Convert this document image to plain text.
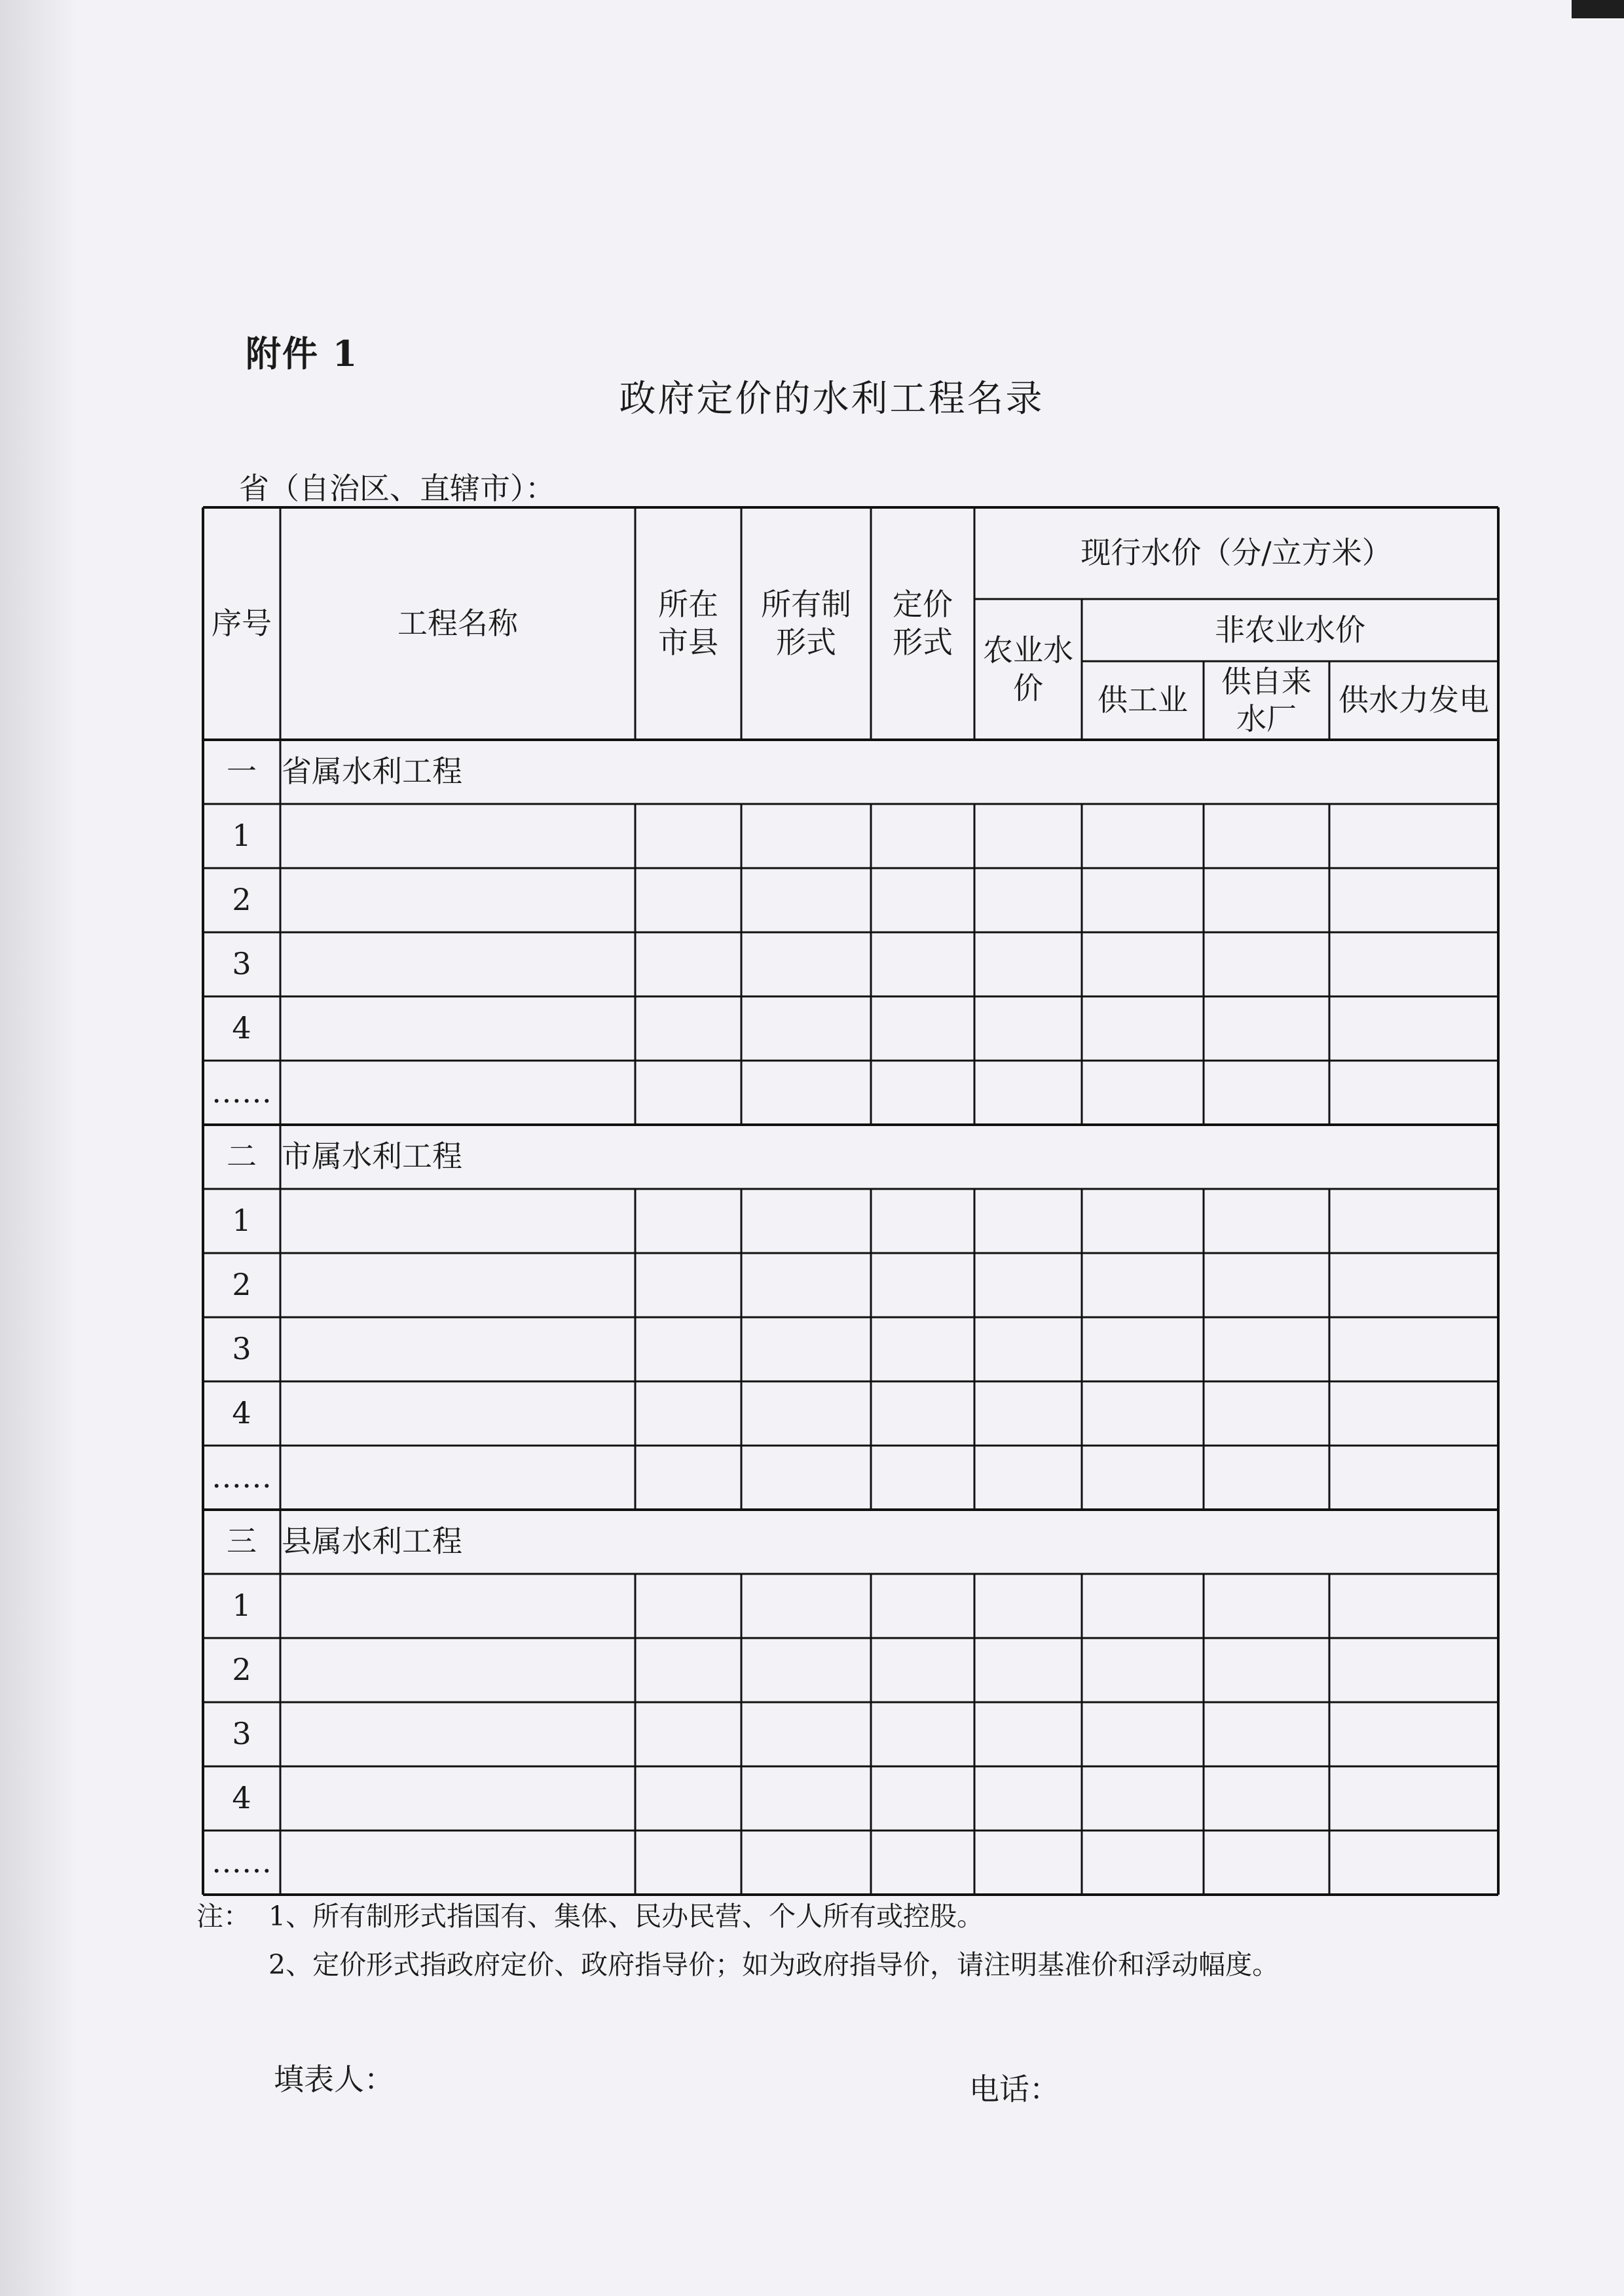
附件 1
政府定价的水利工程名录
省（自治区、直辖市）：
序号	工程名称
所在市县
所有制形式
定价形式
现行水价（分/立方米）
农业水价
非农业水价
供工业
供自来水厂
供水力发电
一 省属水利工程
1
2
3
4
……
二 市属水利工程
1
2
3
4
……
三 县属水利工程
1
2
3
4
……
注： 1、所有制形式指国有、集体、民办民营、个人所有或控股。
2、定价形式指政府定价、政府指导价；如为政府指导价，请注明基准价和浮动幅度。
填表人：	电话：
